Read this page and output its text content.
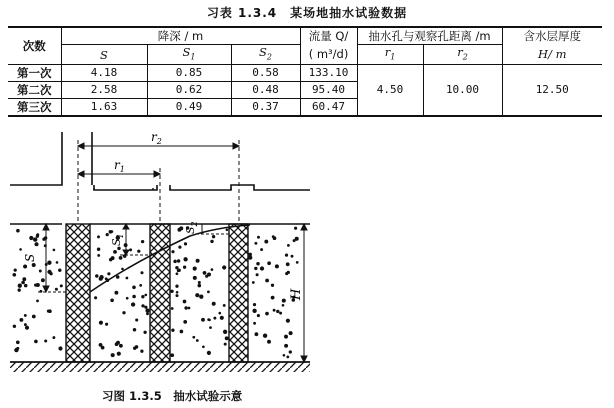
习表 1.3.4　某场地抽水试验数据
次数	降深 / m			流量 Q/	抽水孔与观察孔距离 /m		含水层厚度
	S	$S_1$	$S_2$	( m³/d)	$r_1$	$r_2$	H/ m
第一次	4.18	0.85	0.58	133.10	4.50	10.00	12.50
第二次	2.58	0.62	0.48	95.40			
第三次	1.63	0.49	0.37	60.47			
$r_2$
$r_1$
S
$S_1$
$S_2$
H
习图 1.3.5　抽水试验示意
